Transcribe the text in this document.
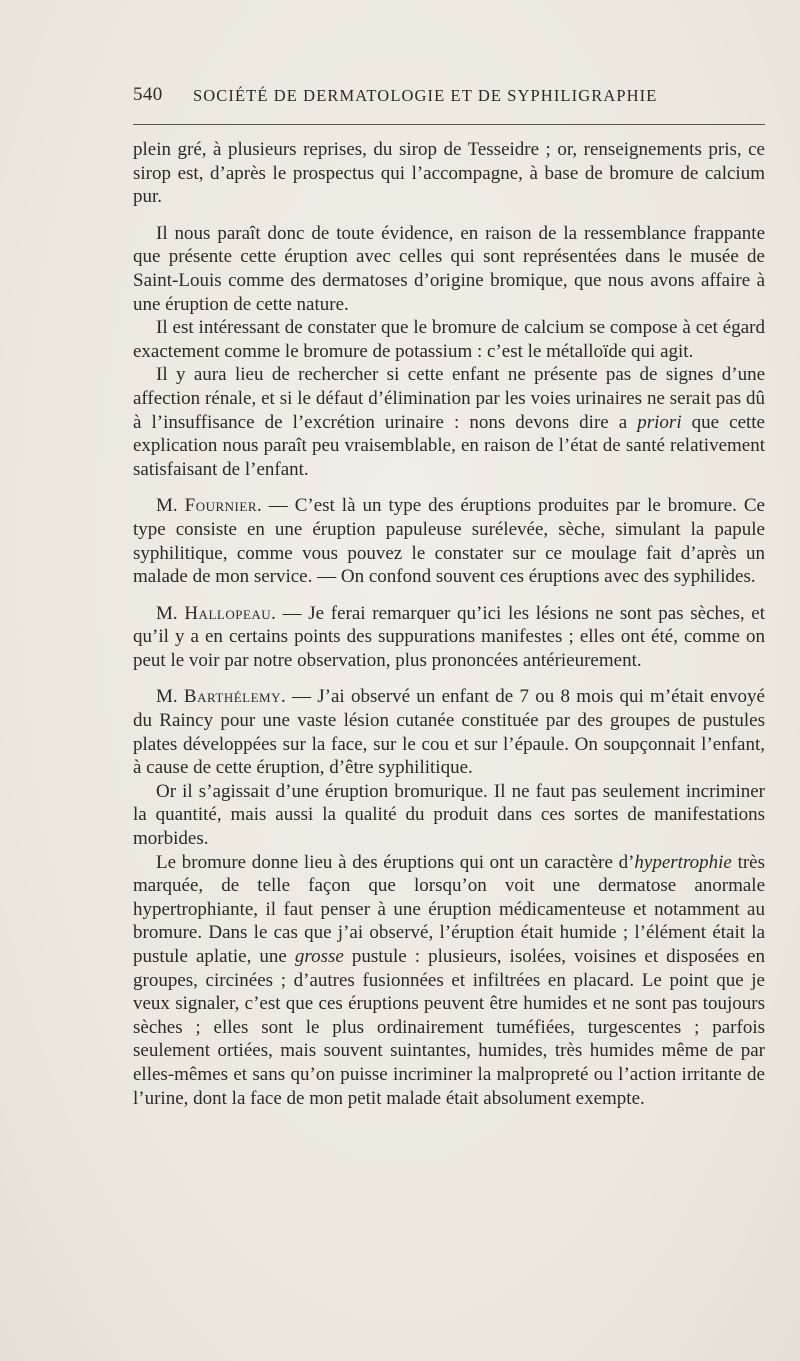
540 SOCIÉTÉ DE DERMATOLOGIE ET DE SYPHILIGRAPHIE

plein gré, à plusieurs reprises, du sirop de Tesseidre ; or, renseignements pris, ce sirop est, d’après le prospectus qui l’accompagne, à base de bromure de calcium pur.

Il nous paraît donc de toute évidence, en raison de la ressemblance frappante que présente cette éruption avec celles qui sont représentées dans le musée de Saint-Louis comme des dermatoses d’origine bromique, que nous avons affaire à une éruption de cette nature.

Il est intéressant de constater que le bromure de calcium se compose à cet égard exactement comme le bromure de potassium : c’est le métalloïde qui agit.

Il y aura lieu de rechercher si cette enfant ne présente pas de signes d’une affection rénale, et si le défaut d’élimination par les voies urinaires ne serait pas dû à l’insuffisance de l’excrétion urinaire : nons devons dire a priori que cette explication nous paraît peu vraisemblable, en raison de l’état de santé relativement satisfaisant de l’enfant.

M. Fournier. — C’est là un type des éruptions produites par le bromure. Ce type consiste en une éruption papuleuse surélevée, sèche, simulant la papule syphilitique, comme vous pouvez le constater sur ce moulage fait d’après un malade de mon service. — On confond souvent ces éruptions avec des syphilides.

M. Hallopeau. — Je ferai remarquer qu’ici les lésions ne sont pas sèches, et qu’il y a en certains points des suppurations manifestes ; elles ont été, comme on peut le voir par notre observation, plus prononcées antérieurement.

M. Barthélemy. — J’ai observé un enfant de 7 ou 8 mois qui m’était envoyé du Raincy pour une vaste lésion cutanée constituée par des groupes de pustules plates développées sur la face, sur le cou et sur l’épaule. On soupçonnait l’enfant, à cause de cette éruption, d’être syphilitique.

Or il s’agissait d’une éruption bromurique. Il ne faut pas seulement incriminer la quantité, mais aussi la qualité du produit dans ces sortes de manifestations morbides.

Le bromure donne lieu à des éruptions qui ont un caractère d’hypertrophie très marquée, de telle façon que lorsqu’on voit une dermatose anormale hypertrophiante, il faut penser à une éruption médicamenteuse et notamment au bromure. Dans le cas que j’ai observé, l’éruption était humide ; l’élément était la pustule aplatie, une grosse pustule : plusieurs, isolées, voisines et disposées en groupes, circinées ; d’autres fusionnées et infiltrées en placard. Le point que je veux signaler, c’est que ces éruptions peuvent être humides et ne sont pas toujours sèches ; elles sont le plus ordinairement tuméfiées, turgescentes ; parfois seulement ortiées, mais souvent suintantes, humides, très humides même de par elles-mêmes et sans qu’on puisse incriminer la malpropreté ou l’action irritante de l’urine, dont la face de mon petit malade était absolument exempte.
